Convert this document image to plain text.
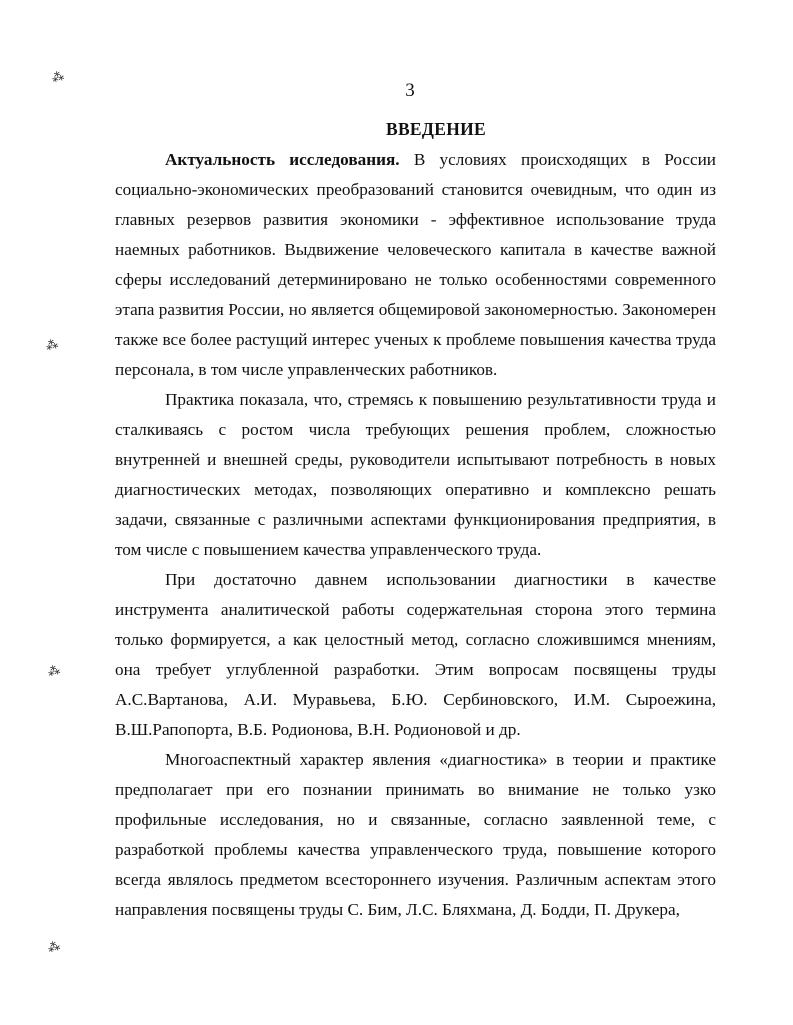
3
ВВЕДЕНИЕ

Актуальность исследования. В условиях происходящих в России социально-экономических преобразований становится очевидным, что один из главных резервов развития экономики - эффективное использование труда наемных работников. Выдвижение человеческого капитала в качестве важной сферы исследований детерминировано не только особенностями современного этапа развития России, но является общемировой закономерностью. Закономерен также все более растущий интерес ученых к проблеме повышения качества труда персонала, в том числе управленческих работников.

Практика показала, что, стремясь к повышению результативности труда и сталкиваясь с ростом числа требующих решения проблем, сложностью внутренней и внешней среды, руководители испытывают потребность в новых диагностических методах, позволяющих оперативно и комплексно решать задачи, связанные с различными аспектами функционирования предприятия, в том числе с повышением качества управленческого труда.

При достаточно давнем использовании диагностики в качестве инструмента аналитической работы содержательная сторона этого термина только формируется, а как целостный метод, согласно сложившимся мнениям, она требует углубленной разработки. Этим вопросам посвящены труды А.С.Вартанова, А.И. Муравьева, Б.Ю. Сербиновского, И.М. Сыроежина, В.Ш.Рапопорта, В.Б. Родионова, В.Н. Родионовой и др.

Многоаспектный характер явления «диагностика» в теории и практике предполагает при его познании принимать во внимание не только узко профильные исследования, но и связанные, согласно заявленной теме, с разработкой проблемы качества управленческого труда, повышение которого всегда являлось предметом всестороннего изучения. Различным аспектам этого направления посвящены труды С. Бим, Л.С. Бляхмана, Д. Бодди, П. Друкера,

⁂
⁂
⁂
⁂
